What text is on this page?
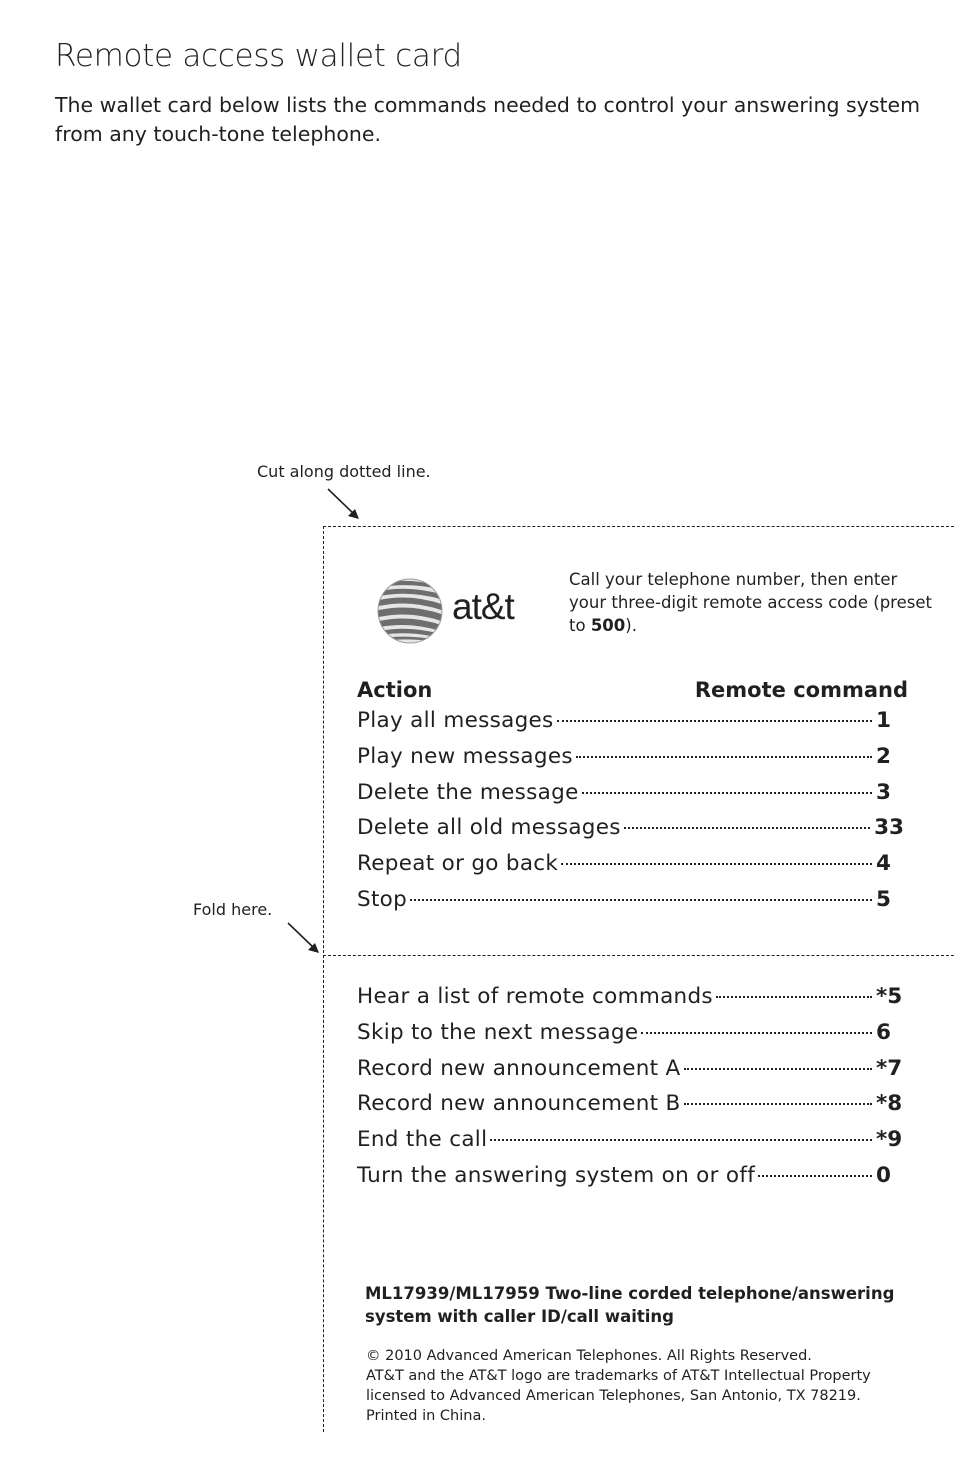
Remote access wallet card
The wallet card below lists the commands needed to control your answering system from any touch-tone telephone.
Cut along dotted line.
Fold here.
at&t
Call your telephone number, then enter your three-digit remote access code (preset to 500).
Action	Remote command
Play all messages	1
Play new messages	2
Delete the message	3
Delete all old messages	33
Repeat or go back	4
Stop	5
Hear a list of remote commands	*5
Skip to the next message	6
Record new announcement A	*7
Record new announcement B	*8
End the call	*9
Turn the answering system on or off	0
ML17939/ML17959 Two-line corded telephone/answering system with caller ID/call waiting
© 2010 Advanced American Telephones. All Rights Reserved.
AT&T and the AT&T logo are trademarks of AT&T Intellectual Property
licensed to Advanced American Telephones, San Antonio, TX 78219.
Printed in China.
